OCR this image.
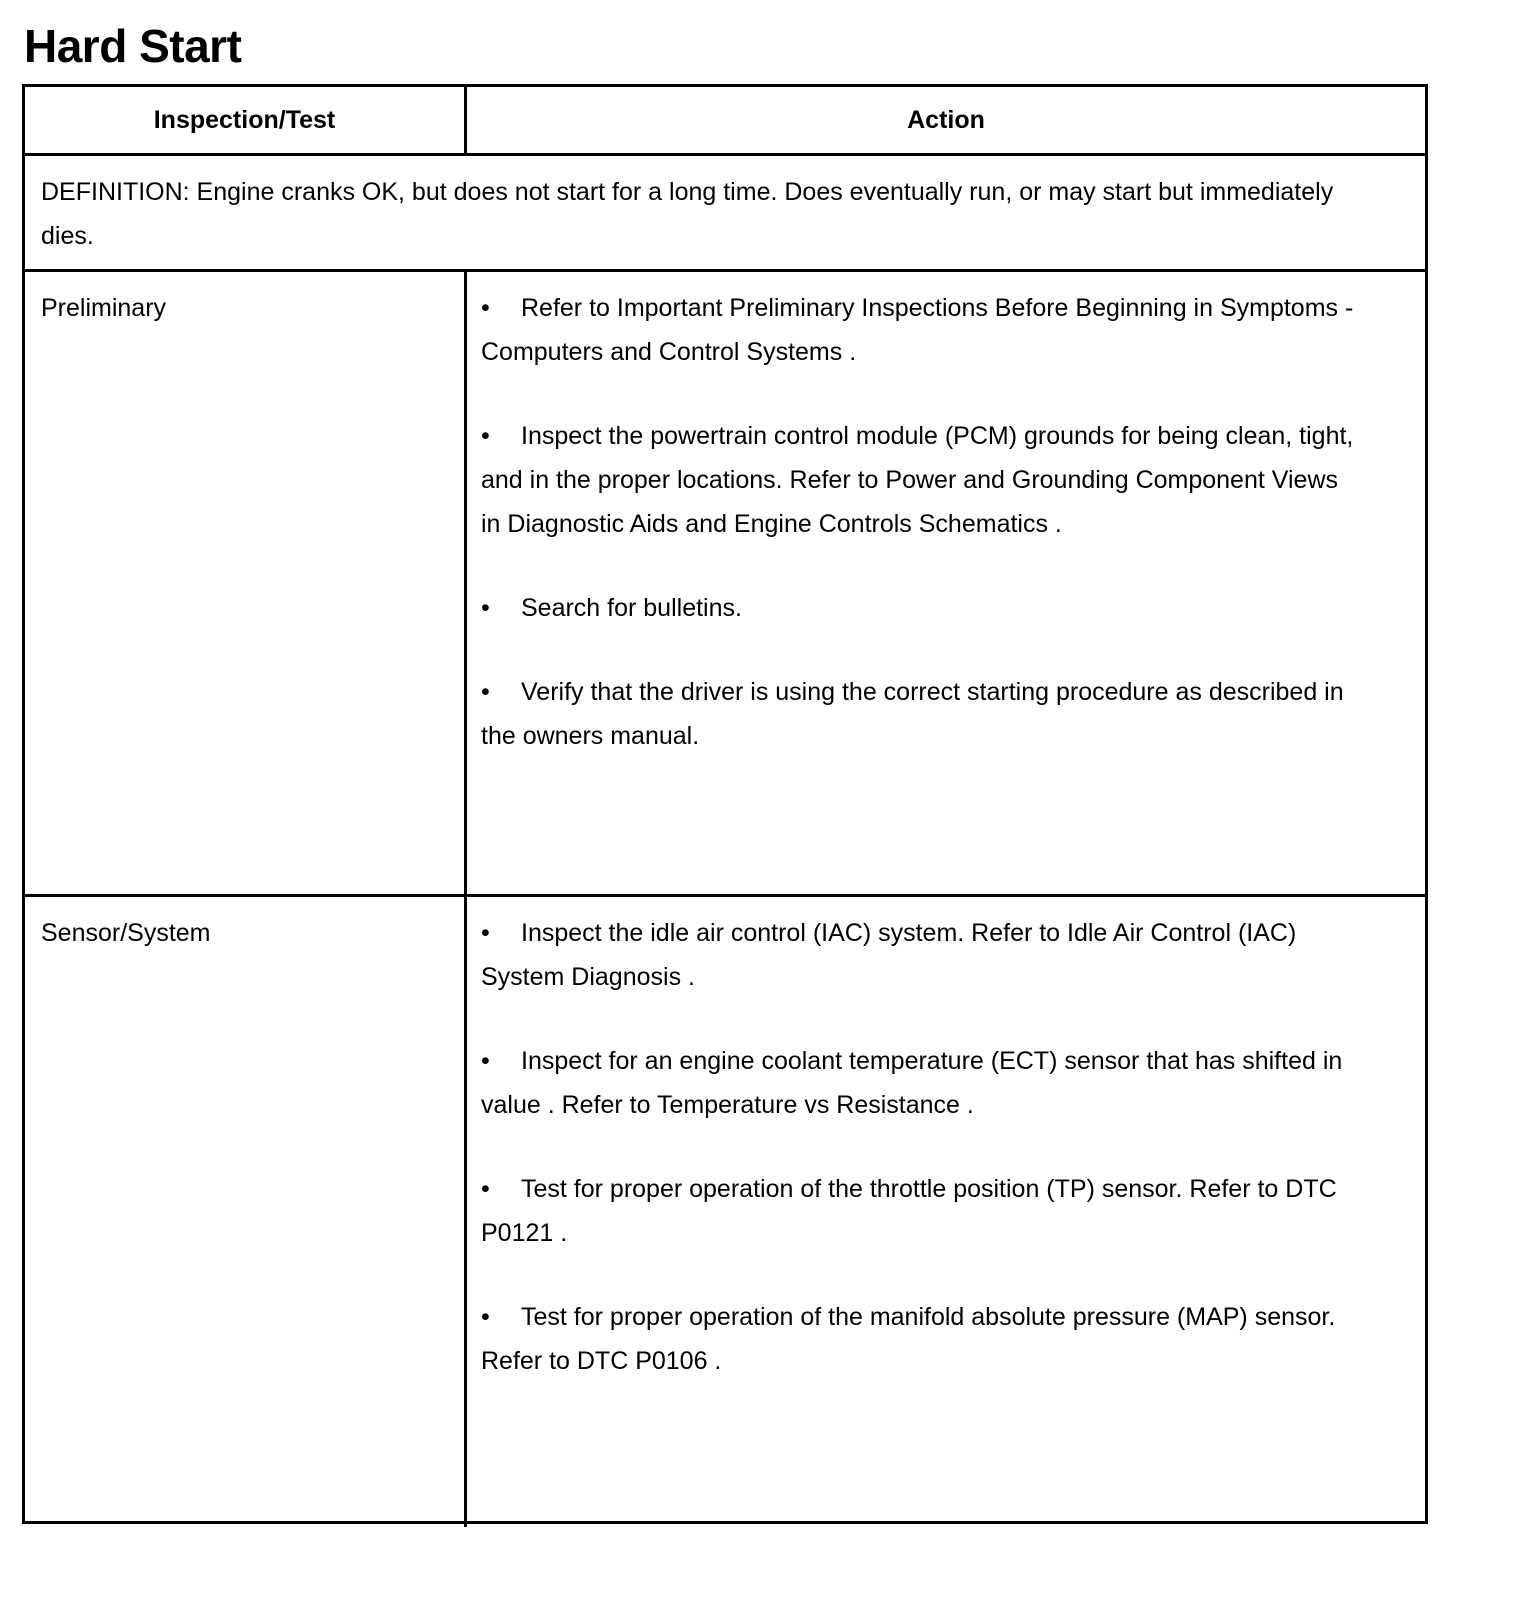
Hard Start
Inspection/Test	Action
DEFINITION: Engine cranks OK, but does not start for a long time. Does eventually run, or may start but immediately dies.
Preliminary	• Refer to Important Preliminary Inspections Before Beginning in Symptoms - Computers and Control Systems .

• Inspect the powertrain control module (PCM) grounds for being clean, tight, and in the proper locations. Refer to Power and Grounding Component Views in Diagnostic Aids and Engine Controls Schematics .

• Search for bulletins.

• Verify that the driver is using the correct starting procedure as described in the owners manual.

Sensor/System	• Inspect the idle air control (IAC) system. Refer to Idle Air Control (IAC) System Diagnosis .

• Inspect for an engine coolant temperature (ECT) sensor that has shifted in value . Refer to Temperature vs Resistance .

• Test for proper operation of the throttle position (TP) sensor. Refer to DTC P0121 .

• Test for proper operation of the manifold absolute pressure (MAP) sensor. Refer to DTC P0106 .
